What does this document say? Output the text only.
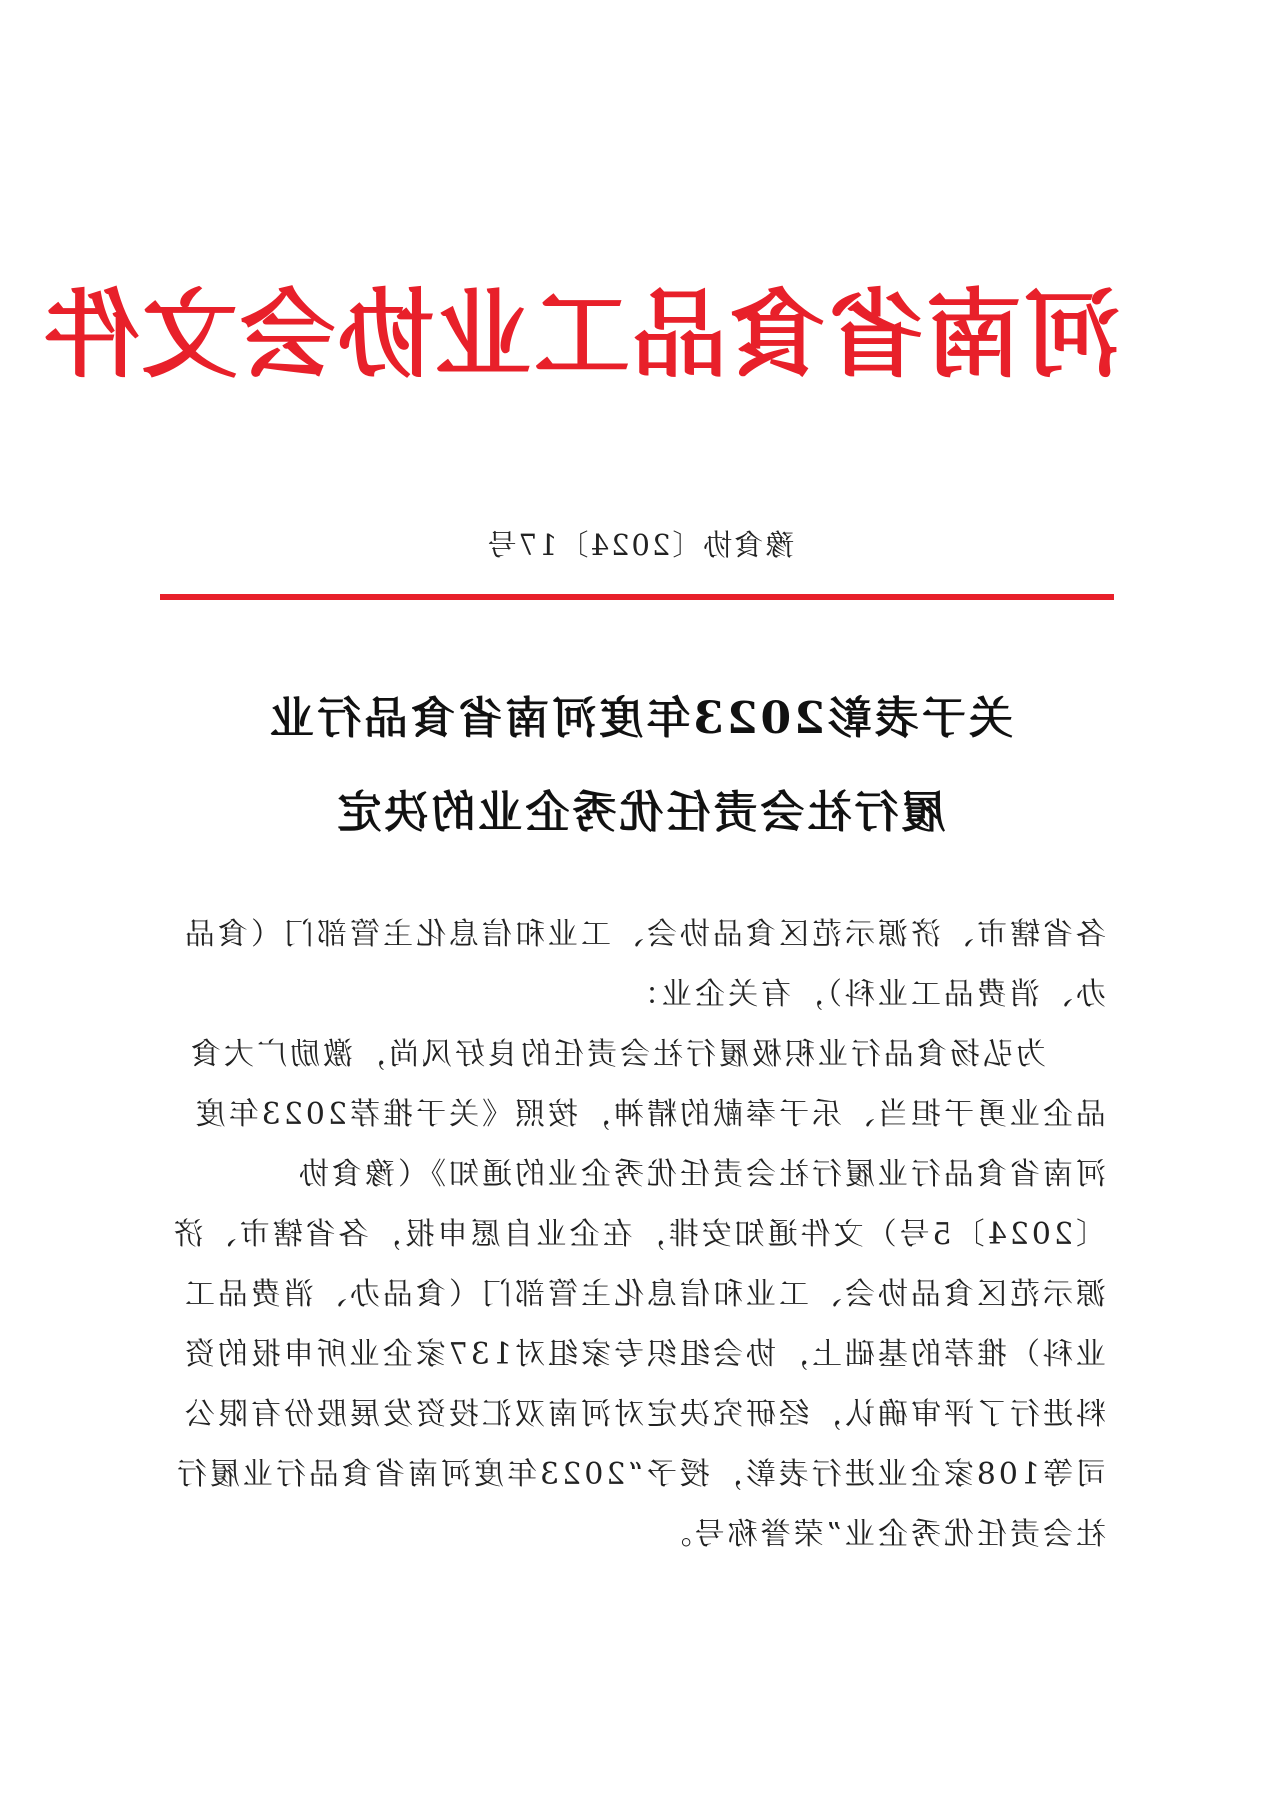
河南省食品工业协会文件
豫食协〔2024〕17号
关于表彰2023年度河南省食品行业
履行社会责任优秀企业的决定

各省辖市、济源示范区食品协会、工业和信息化主管部门（食品办、消费品工业科），有关企业：

为弘扬食品行业积极履行社会责任的良好风尚，激励广大食品企业勇于担当、乐于奉献的精神，按照《关于推荐2023年度河南省食品行业履行社会责任优秀企业的通知》（豫食协〔2024〕5号）文件通知安排，在企业自愿申报，各省辖市、济源示范区食品协会、工业和信息化主管部门（食品办、消费品工业科）推荐的基础上，协会组织专家组对137家企业所申报的资料进行了评审确认，经研究决定对河南双汇投资发展股份有限公司等108家企业进行表彰，授予“2023年度河南省食品行业履行社会责任优秀企业”荣誉称号。
